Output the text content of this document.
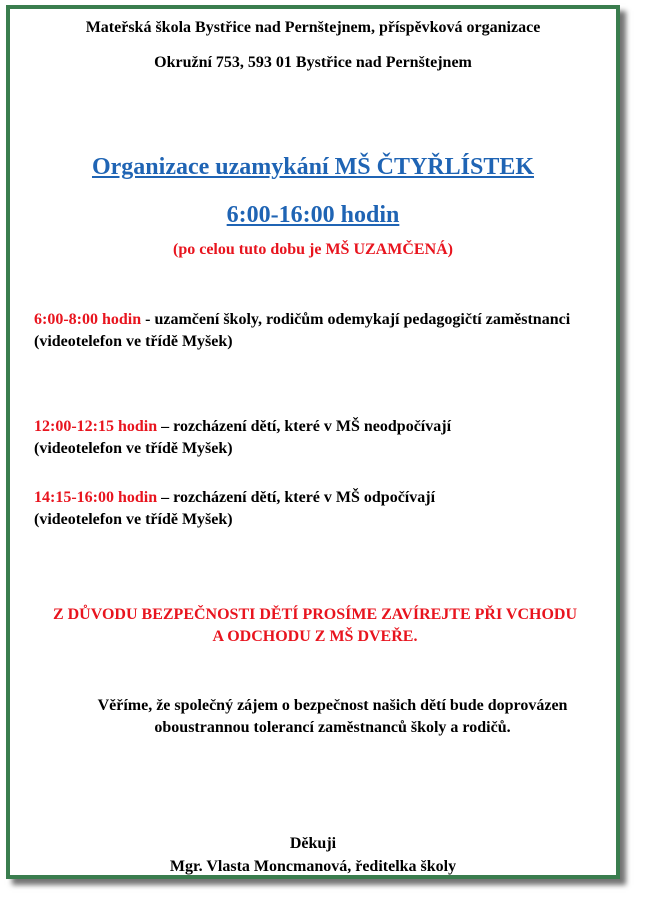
Mateřská škola Bystřice nad Pernštejnem, příspěvková organizace
Okružní 753, 593 01 Bystřice nad Pernštejnem
Organizace uzamykání MŠ ČTYŘLÍSTEK
6:00-16:00 hodin
(po celou tuto dobu je MŠ UZAMČENÁ)
6:00-8:00 hodin - uzamčení školy, rodičům odemykají pedagogičtí zaměstnanci
(videotelefon ve třídě Myšek)
12:00-12:15 hodin – rozcházení dětí, které v MŠ neodpočívají
(videotelefon ve třídě Myšek)
14:15-16:00 hodin – rozcházení dětí, které v MŠ odpočívají
(videotelefon ve třídě Myšek)
Z DŮVODU BEZPEČNOSTI DĚTÍ PROSÍME ZAVÍREJTE PŘI VCHODU A ODCHODU Z MŠ DVEŘE.
Věříme, že společný zájem o bezpečnost našich dětí bude doprovázen oboustrannou tolerancí zaměstnanců školy a rodičů.
Děkuji
Mgr. Vlasta Moncmanová, ředitelka školy
